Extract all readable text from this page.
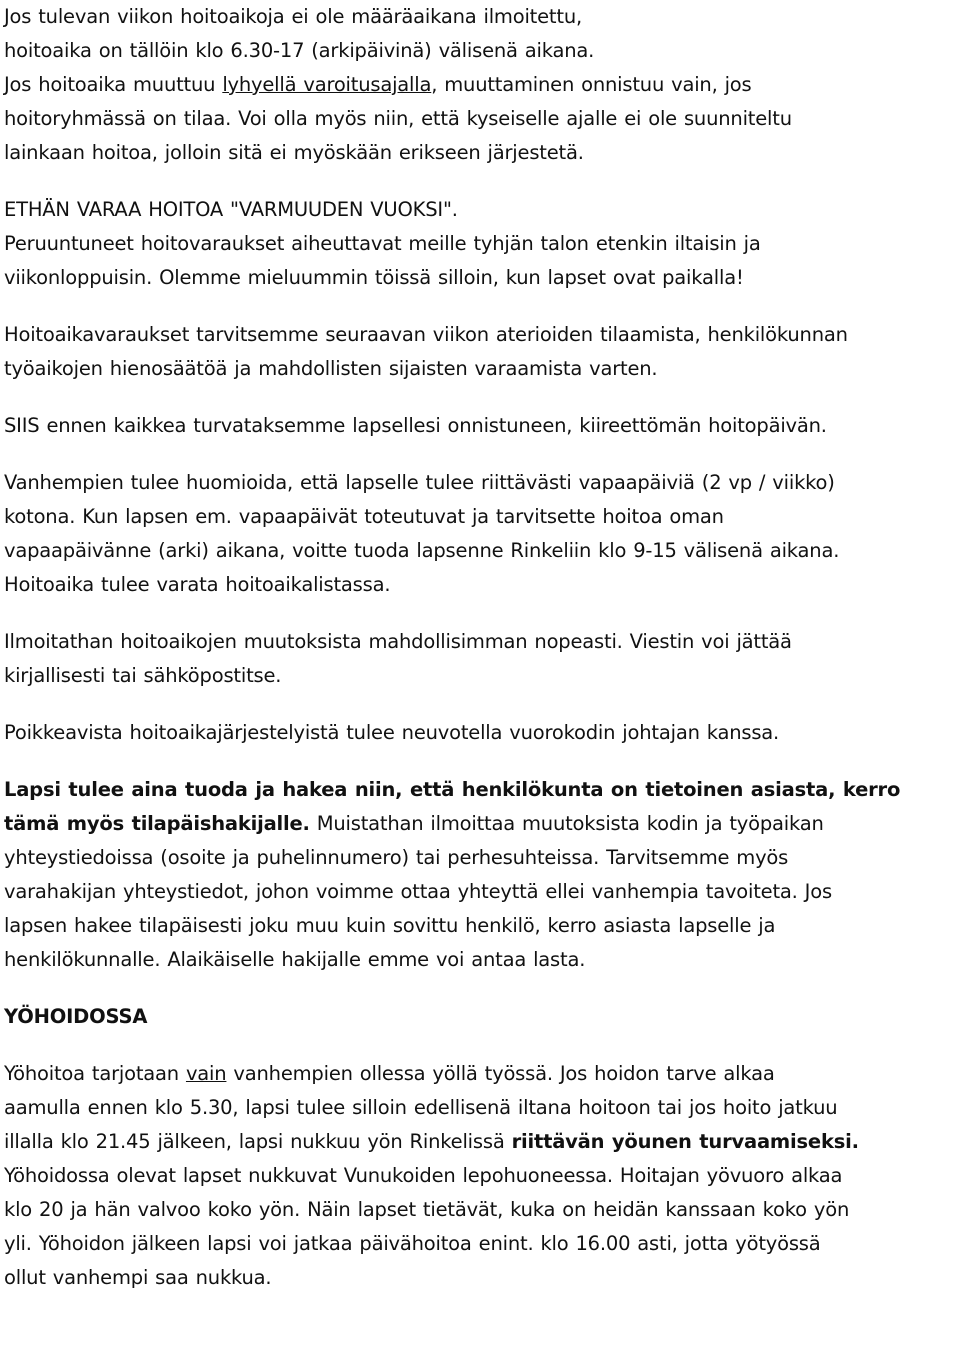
Jos tulevan viikon hoitoaikoja ei ole määräaikana ilmoitettu,
hoitoaika on tällöin klo 6.30-17 (arkipäivinä) välisenä aikana.
Jos hoitoaika muuttuu lyhyellä varoitusajalla, muuttaminen onnistuu vain, jos
hoitoryhmässä on tilaa. Voi olla myös niin, että kyseiselle ajalle ei ole suunniteltu
lainkaan hoitoa, jolloin sitä ei myöskään erikseen järjestetä.
ETHÄN VARAA HOITOA "VARMUUDEN VUOKSI".
Peruuntuneet hoitovaraukset aiheuttavat meille tyhjän talon etenkin iltaisin ja
viikonloppuisin. Olemme mieluummin töissä silloin, kun lapset ovat paikalla!
Hoitoaikavaraukset tarvitsemme seuraavan viikon aterioiden tilaamista, henkilökunnan
työaikojen hienosäätöä ja mahdollisten sijaisten varaamista varten.
SIIS ennen kaikkea turvataksemme lapsellesi onnistuneen, kiireettömän hoitopäivän.
Vanhempien tulee huomioida, että lapselle tulee riittävästi vapaapäiviä (2 vp / viikko)
kotona. Kun lapsen em. vapaapäivät toteutuvat ja tarvitsette hoitoa oman
vapaapäivänne (arki) aikana, voitte tuoda lapsenne Rinkeliin klo 9-15 välisenä aikana.
Hoitoaika tulee varata hoitoaikalistassa.
Ilmoitathan hoitoaikojen muutoksista mahdollisimman nopeasti. Viestin voi jättää
kirjallisesti tai sähköpostitse.
Poikkeavista hoitoaikajärjestelyistä tulee neuvotella vuorokodin johtajan kanssa.
Lapsi tulee aina tuoda ja hakea niin, että henkilökunta on tietoinen asiasta, kerro
tämä myös tilapäishakijalle. Muistathan ilmoittaa muutoksista kodin ja työpaikan
yhteystiedoissa (osoite ja puhelinnumero) tai perhesuhteissa. Tarvitsemme myös
varahakijan yhteystiedot, johon voimme ottaa yhteyttä ellei vanhempia tavoiteta. Jos
lapsen hakee tilapäisesti joku muu kuin sovittu henkilö, kerro asiasta lapselle ja
henkilökunnalle. Alaikäiselle hakijalle emme voi antaa lasta.
YÖHOIDOSSA
Yöhoitoa tarjotaan vain vanhempien ollessa yöllä työssä. Jos hoidon tarve alkaa
aamulla ennen klo 5.30, lapsi tulee silloin edellisenä iltana hoitoon tai jos hoito jatkuu
illalla klo 21.45 jälkeen, lapsi nukkuu yön Rinkelissä riittävän yöunen turvaamiseksi.
Yöhoidossa olevat lapset nukkuvat Vunukoiden lepohuoneessa. Hoitajan yövuoro alkaa
klo 20 ja hän valvoo koko yön. Näin lapset tietävät, kuka on heidän kanssaan koko yön
yli. Yöhoidon jälkeen lapsi voi jatkaa päivähoitoa enint. klo 16.00 asti, jotta yötyössä
ollut vanhempi saa nukkua.
